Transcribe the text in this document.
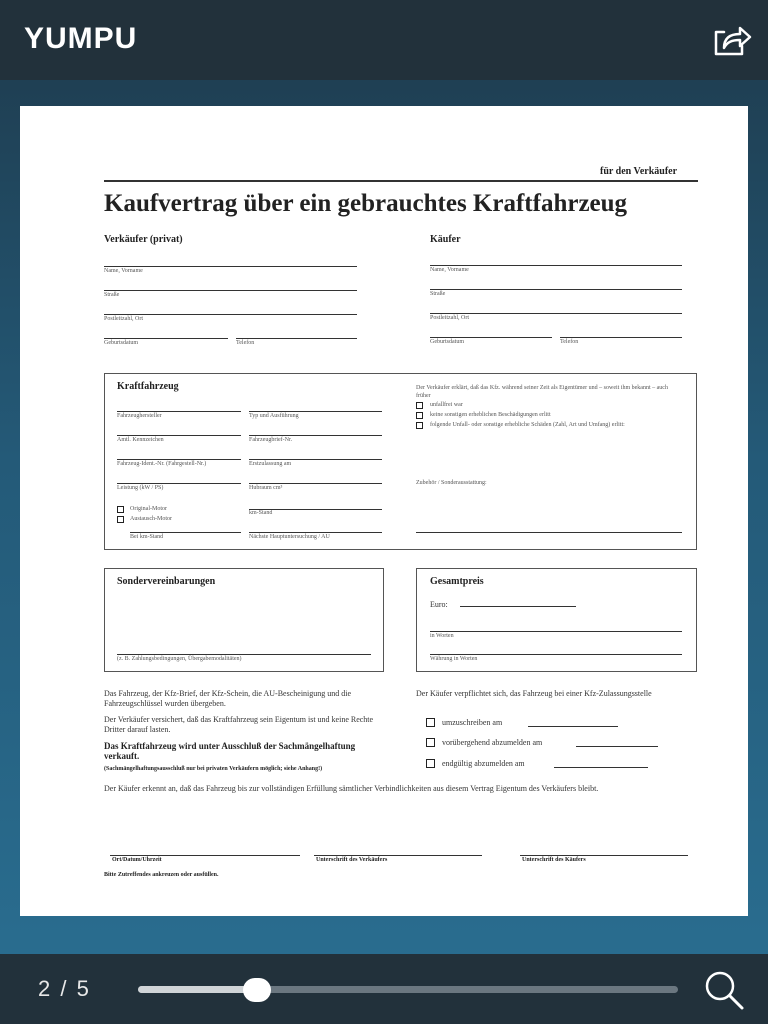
YUMPU
für den Verkäufer
Kaufvertrag über ein gebrauchtes Kraftfahrzeug
Verkäufer (privat)
Name, Vorname
Straße
Postleitzahl, Ort
Geburtsdatum	Telefon
Käufer
Name, Vorname
Straße
Postleitzahl, Ort
Geburtsdatum	Telefon
Kraftfahrzeug
Fahrzeughersteller	Typ und Ausführung
Amtl. Kennzeichen	Fahrzeugbrief-Nr.
Fahrzeug-Ident.-Nr. (Fahrgestell-Nr.)	Erstzulassung am
Leistung (kW / PS)	Hubraum cm³
Original-Motor
Austausch-Motor
km-Stand
Bei km-Stand	Nächste Hauptuntersuchung / AU
Der Verkäufer erklärt, daß das Kfz. während seiner Zeit als Eigentümer und – soweit ihm bekannt – auch früher
unfallfrei war
keine sonstigen erheblichen Beschädigungen erlitt
folgende Unfall- oder sonstige erhebliche Schäden (Zahl, Art und Umfang) erlitt:
Zubehör / Sonderausstattung:
Sondervereinbarungen
(z. B. Zahlungsbedingungen, Übergabemodalitäten)
Gesamtpreis
Euro:
in Worten
Währung in Worten
Das Fahrzeug, der Kfz-Brief, der Kfz-Schein, die AU-Bescheinigung und die Fahrzeugschlüssel wurden übergeben.
Der Verkäufer versichert, daß das Kraftfahrzeug sein Eigentum ist und keine Rechte Dritter darauf lasten.
Das Kraftfahrzeug wird unter Ausschluß der Sachmängelhaftung verkauft.
(Sachmängelhaftungsausschluß nur bei privaten Verkäufern möglich; siehe Anhang!)
Der Käufer verpflichtet sich, das Fahrzeug bei einer Kfz-Zulassungsstelle
umzuschreiben am
vorübergehend abzumelden am
endgültig abzumelden am
Der Käufer erkennt an, daß das Fahrzeug bis zur vollständigen Erfüllung sämtlicher Verbindlichkeiten aus diesem Vertrag Eigentum des Verkäufers bleibt.
Ort/Datum/Uhrzeit	Unterschrift des Verkäufers	Unterschrift des Käufers
Bitte Zutreffendes ankreuzen oder ausfüllen.
2 / 5
